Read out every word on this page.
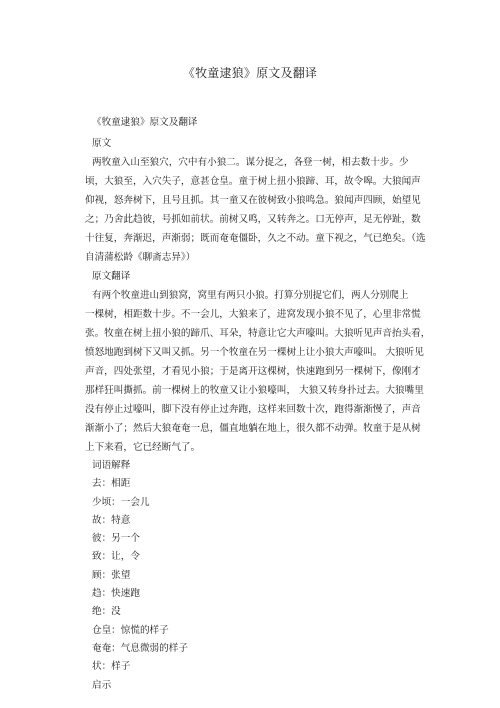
《牧童逮狼》原文及翻译
《牧童逮狼》原文及翻译
原文
两牧童入山至狼穴，穴中有小狼二。谋分捉之，各登一树，相去数十步。少
顷，大狼至，入穴失子，意甚仓皇。童于树上扭小狼蹄、耳，故令嗥。大狼闻声
仰视，怒奔树下，且号且抓。其一童又在彼树致小狼鸣急。狼闻声四顾，始望见
之；乃舍此趋彼，号抓如前状。前树又鸣，又转奔之。口无停声，足无停趾，数
十往复，奔渐迟，声渐弱；既而奄奄僵卧，久之不动。童下视之，气已绝矣。（选
自清蒲松龄《聊斋志异》）
原文翻译
有两个牧童进山到狼窝，窝里有两只小狼。打算分别捉它们，两人分别爬上
一棵树，相距数十步。不一会儿，大狼来了，进窝发现小狼不见了，心里非常慌
张。牧童在树上扭小狼的蹄爪、耳朵，特意让它大声嚎叫。大狼听见声音抬头看，
愤怒地跑到树下又叫又抓。另一个牧童在另一棵树上让小狼大声嚎叫。 大狼听见
声音，四处张望，才看见小狼；于是离开这棵树，快速跑到另一棵树下，像刚才
那样狂叫撕抓。前一棵树上的牧童又让小狼嚎叫， 大狼又转身扑过去。大狼嘴里
没有停止过嚎叫，脚下没有停止过奔跑，这样来回数十次，跑得渐渐慢了，声音
渐渐小了；然后大狼奄奄一息，僵直地躺在地上，很久都不动弹。牧童于是从树
上下来看，它已经断气了。
词语解释
去：相距
少顷：一会儿
故：特意
彼：另一个
致：让，令
顾：张望
趋：快速跑
绝：没
仓皇：惊慌的样子
奄奄：气息微弱的样子
状：样子
启示
